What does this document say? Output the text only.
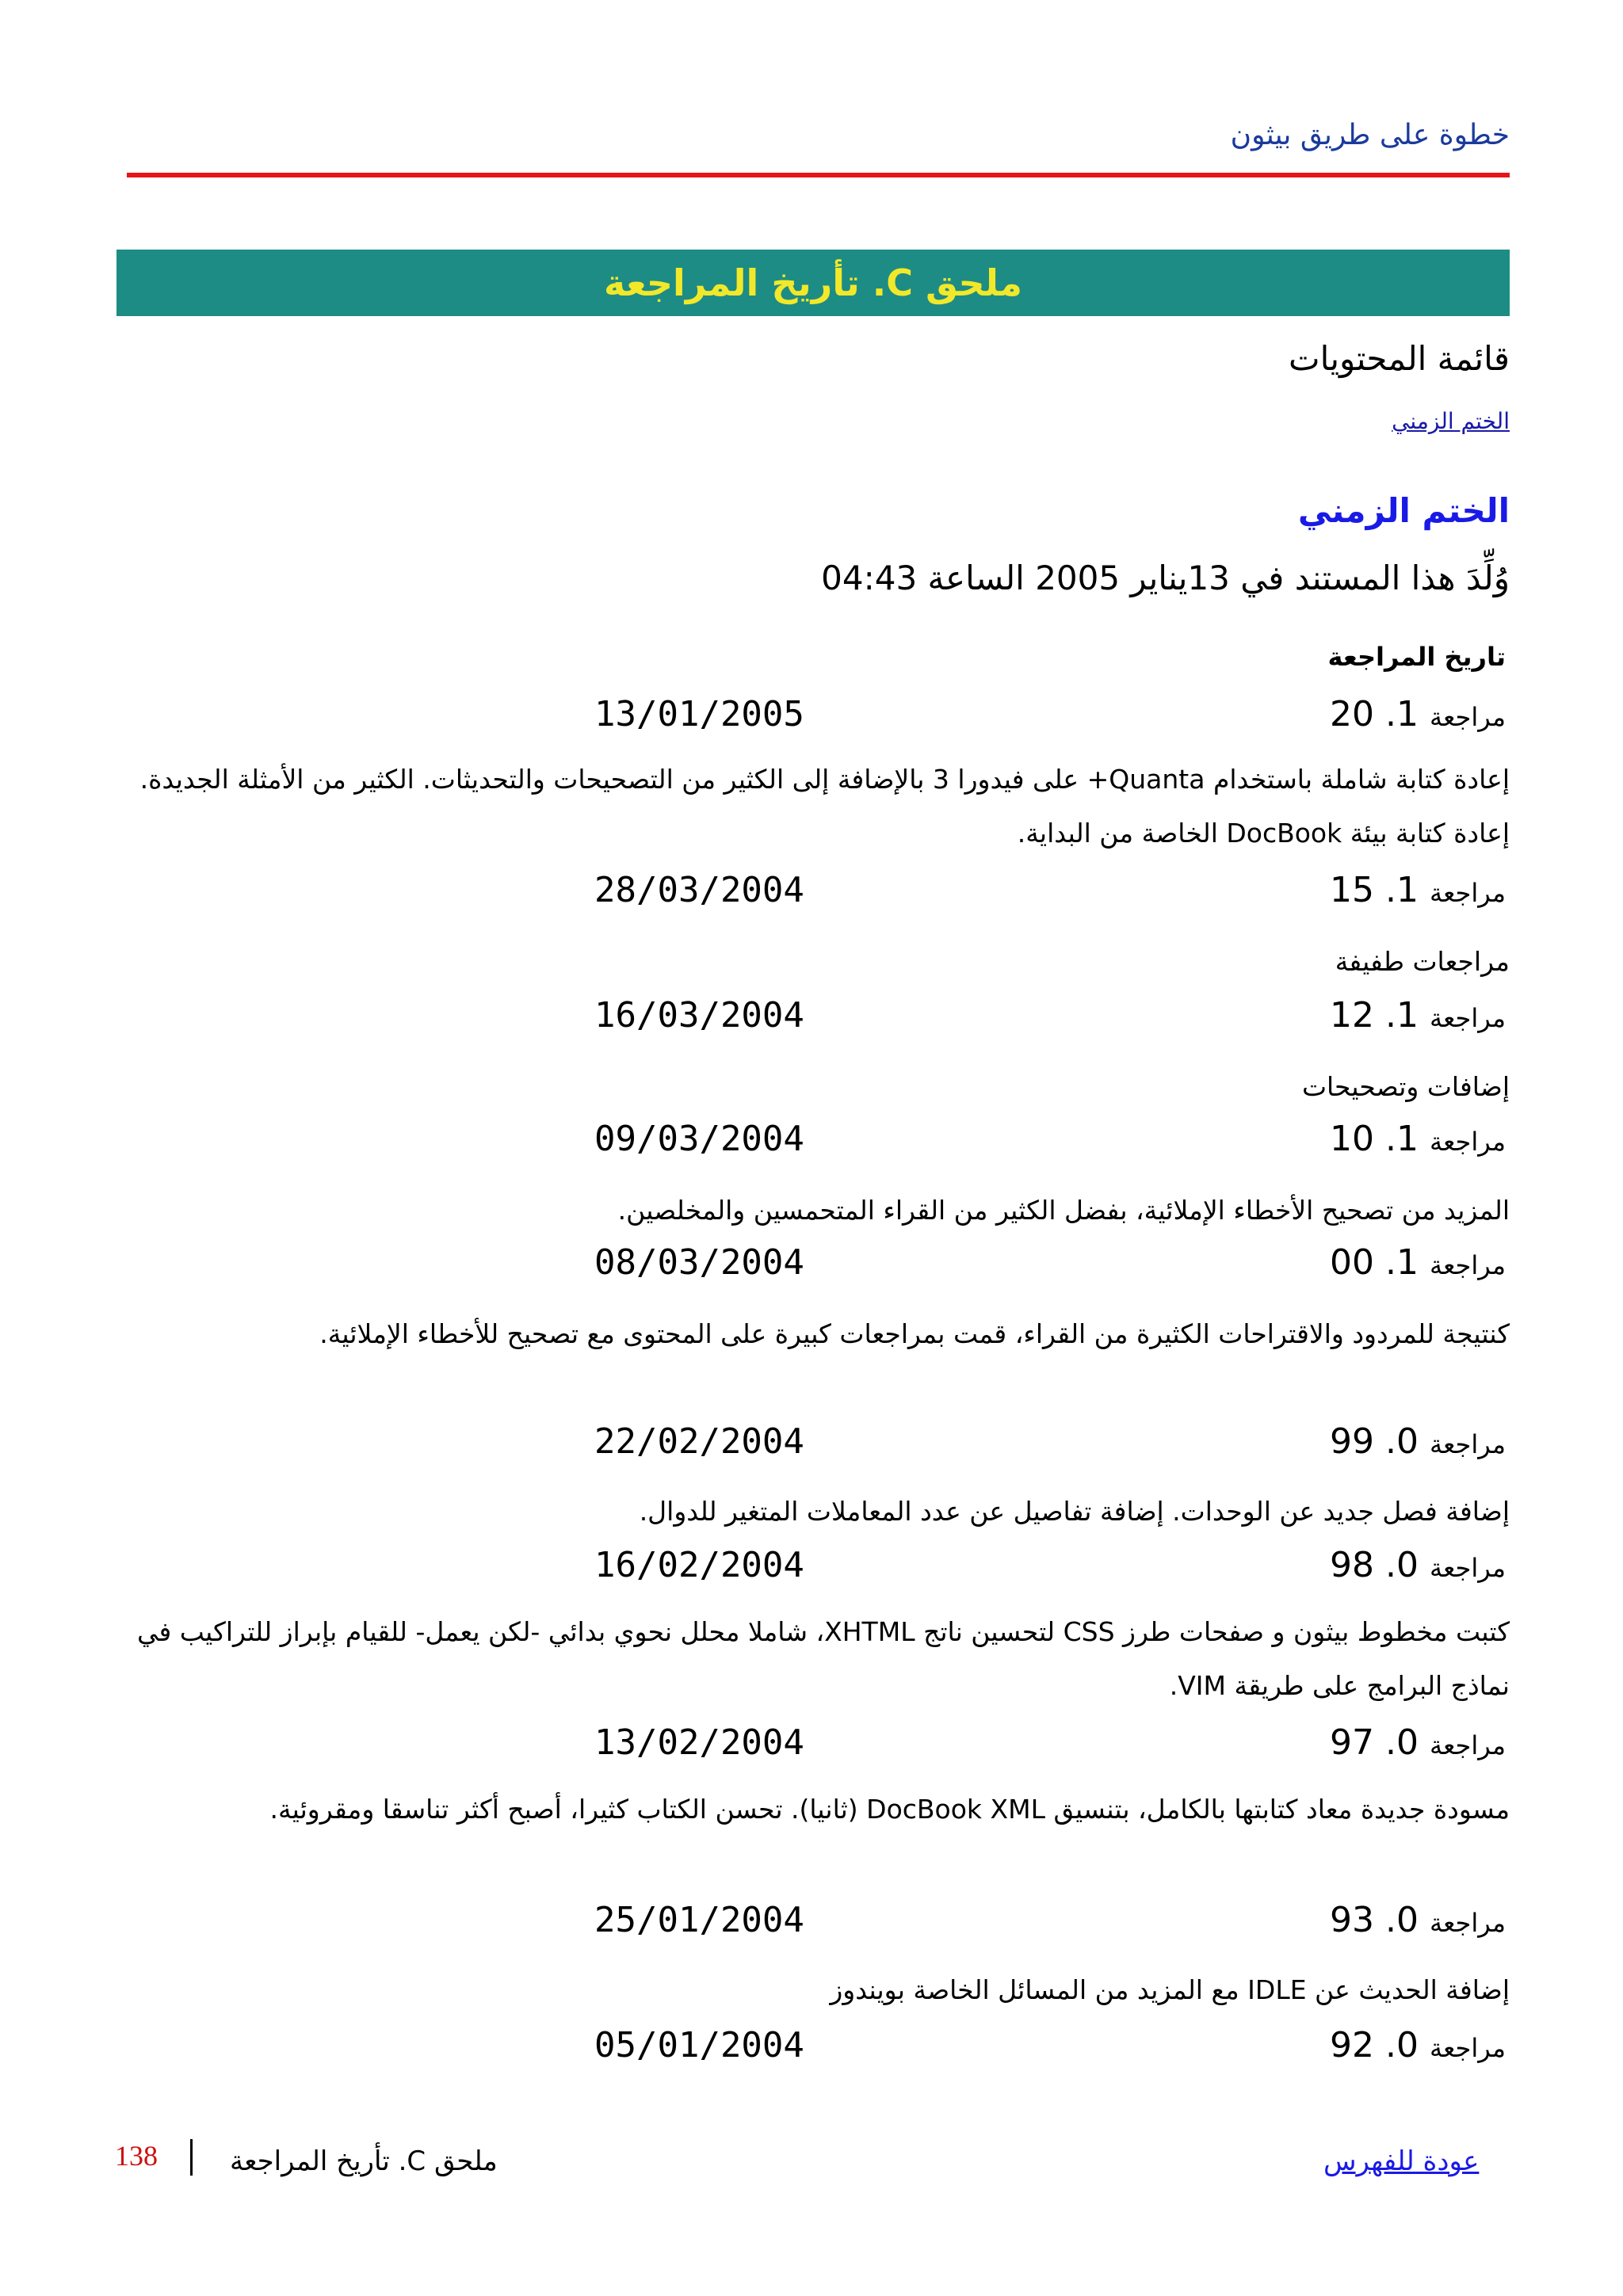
خطوة على طريق بيثون
ملحق C. تأريخ المراجعة
قائمة المحتويات
الختم الزمني
الختم الزمني
وُلِّدَ هذا المستند في 13يناير 2005 الساعة 04:43
تاريخ المراجعة
مراجعة 1. 20
13/01/2005
إعادة كتابة شاملة باستخدام Quanta+ على فيدورا 3 بالإضافة إلى الكثير من التصحيحات والتحديثات. الكثير من الأمثلة الجديدة. إعادة كتابة بيئة DocBook الخاصة من البداية.
مراجعة 1. 15
28/03/2004
مراجعات طفيفة
مراجعة 1. 12
16/03/2004
إضافات وتصحيحات
مراجعة 1. 10
09/03/2004
المزيد من تصحيح الأخطاء الإملائية، بفضل الكثير من القراء المتحمسين والمخلصين.
مراجعة 1. 00
08/03/2004
كنتيجة للمردود والاقتراحات الكثيرة من القراء، قمت بمراجعات كبيرة على المحتوى مع تصحيح للأخطاء الإملائية.
مراجعة 0. 99
22/02/2004
إضافة فصل جديد عن الوحدات. إضافة تفاصيل عن عدد المعاملات المتغير للدوال.
مراجعة 0. 98
16/02/2004
كتبت مخطوط بيثون و صفحات طرز CSS لتحسين ناتج XHTML، شاملا محلل نحوي بدائي -لكن يعمل- للقيام بإبراز للتراكيب في نماذج البرامج على طريقة VIM.
مراجعة 0. 97
13/02/2004
مسودة جديدة معاد كتابتها بالكامل، بتنسيق DocBook XML (ثانيا). تحسن الكتاب كثيرا، أصبح أكثر تناسقا ومقروئية.
مراجعة 0. 93
25/01/2004
إضافة الحديث عن IDLE مع المزيد من المسائل الخاصة بويندوز
مراجعة 0. 92
05/01/2004
عودة للفهرس
ملحق C. تأريخ المراجعة
138
